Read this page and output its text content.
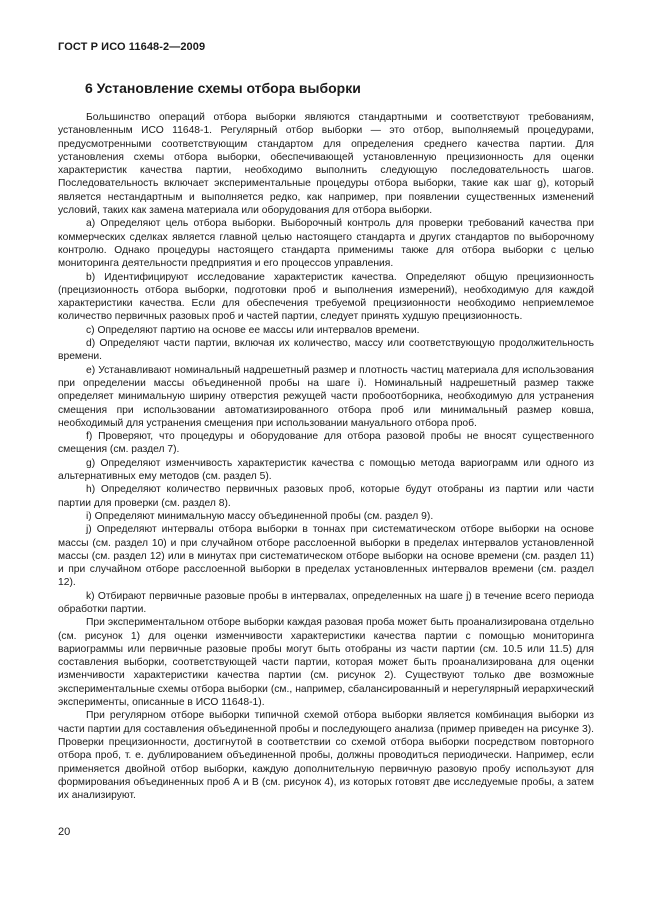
ГОСТ Р ИСО 11648-2—2009
6 Установление схемы отбора выборки

Большинство операций отбора выборки являются стандартными и соответствуют требованиям, установленным ИСО 11648-1. Регулярный отбор выборки — это отбор, выполняемый процедурами, предусмотренными соответствующим стандартом для определения среднего качества партии. Для установления схемы отбора выборки, обеспечивающей установленную прецизионность для оценки характеристик качества партии, необходимо выполнить следующую последовательность шагов. Последовательность включает экспериментальные процедуры отбора выборки, такие как шаг g), который является нестандартным и выполняется редко, как например, при появлении существенных изменений условий, таких как замена материала или оборудования для отбора выборки.

a) Определяют цель отбора выборки. Выборочный контроль для проверки требований качества при коммерческих сделках является главной целью настоящего стандарта и других стандартов по выборочному контролю. Однако процедуры настоящего стандарта применимы также для отбора выборки с целью мониторинга деятельности предприятия и его процессов управления.

b) Идентифицируют исследование характеристик качества. Определяют общую прецизионность (прецизионность отбора выборки, подготовки проб и выполнения измерений), необходимую для каждой характеристики качества. Если для обеспечения требуемой прецизионности необходимо неприемлемое количество первичных разовых проб и частей партии, следует принять худшую прецизионность.

c) Определяют партию на основе ее массы или интервалов времени.

d) Определяют части партии, включая их количество, массу или соответствующую продолжительность времени.

e) Устанавливают номинальный надрешетный размер и плотность частиц материала для использования при определении массы объединенной пробы на шаге i). Номинальный надрешетный размер также определяет минимальную ширину отверстия режущей части пробоотборника, необходимую для устранения смещения при использовании автоматизированного отбора проб или минимальный размер ковша, необходимый для устранения смещения при использовании мануального отбора проб.

f) Проверяют, что процедуры и оборудование для отбора разовой пробы не вносят существенного смещения (см. раздел 7).

g) Определяют изменчивость характеристик качества с помощью метода вариограмм или одного из альтернативных ему методов (см. раздел 5).

h) Определяют количество первичных разовых проб, которые будут отобраны из партии или части партии для проверки (см. раздел 8).

i) Определяют минимальную массу объединенной пробы (см. раздел 9).

j) Определяют интервалы отбора выборки в тоннах при систематическом отборе выборки на основе массы (см. раздел 10) и при случайном отборе расслоенной выборки в пределах интервалов установленной массы (см. раздел 12) или в минутах при систематическом отборе выборки на основе времени (см. раздел 11) и при случайном отборе расслоенной выборки в пределах установленных интервалов времени (см. раздел 12).

k) Отбирают первичные разовые пробы в интервалах, определенных на шаге j) в течение всего периода обработки партии.

При экспериментальном отборе выборки каждая разовая проба может быть проанализирована отдельно (см. рисунок 1) для оценки изменчивости характеристики качества партии с помощью мониторинга вариограммы или первичные разовые пробы могут быть отобраны из части партии (см. 10.5 или 11.5) для составления выборки, соответствующей части партии, которая может быть проанализирована для оценки изменчивости характеристики качества партии (см. рисунок 2). Существуют только две возможные экспериментальные схемы отбора выборки (см., например, сбалансированный и нерегулярный иерархический эксперименты, описанные в ИСО 11648-1).

При регулярном отборе выборки типичной схемой отбора выборки является комбинация выборки из части партии для составления объединенной пробы и последующего анализа (пример приведен на рисунке 3). Проверки прецизионности, достигнутой в соответствии со схемой отбора выборки посредством повторного отбора проб, т. е. дублированием объединенной пробы, должны проводиться периодически. Например, если применяется двойной отбор выборки, каждую дополнительную первичную разовую пробу используют для формирования объединенных проб А и В (см. рисунок 4), из которых готовят две исследуемые пробы, а затем их анализируют.

20
